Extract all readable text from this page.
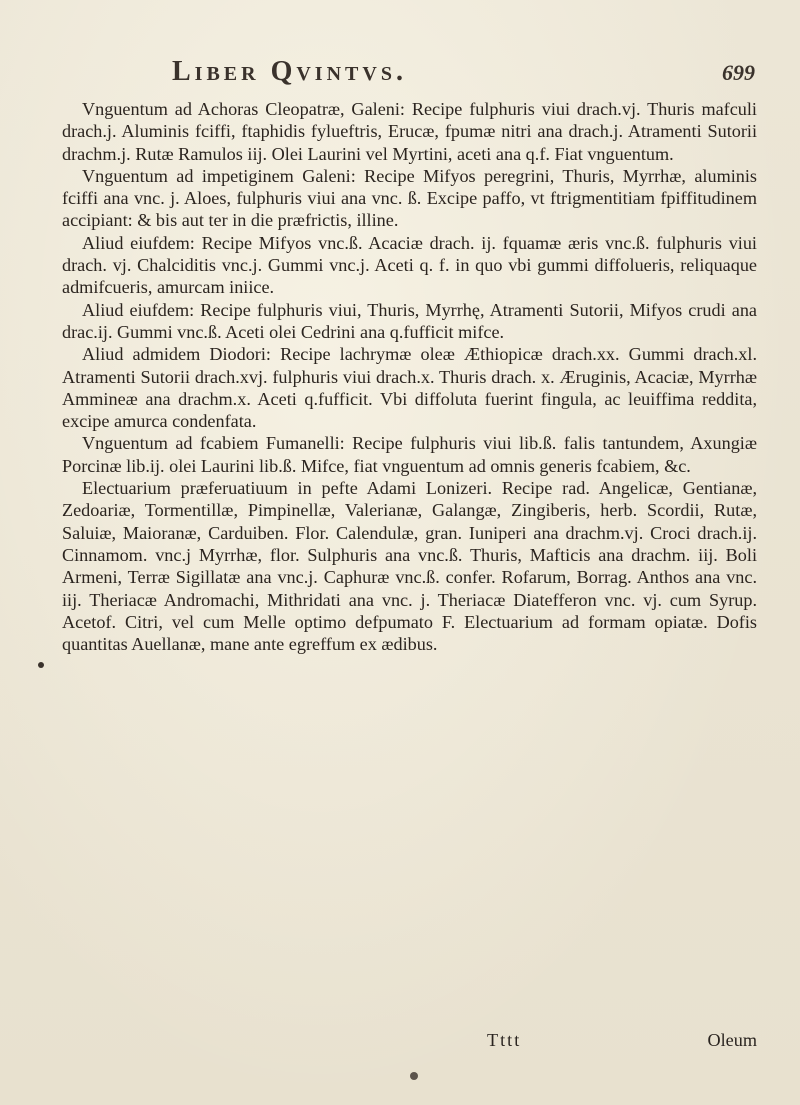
Liber Qvintvs.	699

Vnguentum ad Achoras Cleopatræ, Galeni: Recipe fulphuris viui drach.vj. Thuris mafculi drach.j. Aluminis fciffi, ftaphidis fylueftris, Erucæ, fpumæ nitri ana drach.j. Atramenti Sutorii drachm.j. Rutæ Ramulos iij. Olei Laurini vel Myrtini, aceti ana q.f. Fiat vnguentum.

Vnguentum ad impetiginem Galeni: Recipe Mifyos peregrini, Thuris, Myrrhæ, aluminis fciffi ana vnc. j. Aloes, fulphuris viui ana vnc. ß. Excipe paffo, vt ftrigmentitiam fpiffitudinem accipiant: & bis aut ter in die præfrictis, illine.

Aliud eiufdem: Recipe Mifyos vnc.ß. Acaciæ drach. ij. fquamæ æris vnc.ß. fulphuris viui drach. vj. Chalciditis vnc.j. Gummi vnc.j. Aceti q. f. in quo vbi gummi diffolueris, reliquaque admifcueris, amurcam iniice.

Aliud eiufdem: Recipe fulphuris viui, Thuris, Myrrhę, Atramenti Sutorii, Mifyos crudi ana drac.ij. Gummi vnc.ß. Aceti olei Cedrini ana q.fufficit mifce.

Aliud admidem Diodori: Recipe lachrymæ oleæ Æthiopicæ drach.xx. Gummi drach.xl. Atramenti Sutorii drach.xvj. fulphuris viui drach.x. Thuris drach. x. Æruginis, Acaciæ, Myrrhæ Ammineæ ana drachm.x. Aceti q.fufficit. Vbi diffoluta fuerint fingula, ac leuiffima reddita, excipe amurca condenfata.

Vnguentum ad fcabiem Fumanelli: Recipe fulphuris viui lib.ß. falis tantundem, Axungiæ Porcinæ lib.ij. olei Laurini lib.ß. Mifce, fiat vnguentum ad omnis generis fcabiem, &c.

Electuarium præferuatiuum in pefte Adami Lonizeri. Recipe rad. Angelicæ, Gentianæ, Zedoariæ, Tormentillæ, Pimpinellæ, Valerianæ, Galangæ, Zingiberis, herb. Scordii, Rutæ, Saluiæ, Maioranæ, Carduiben. Flor. Calendulæ, gran. Iuniperi ana drachm.vj. Croci drach.ij. Cinnamom. vnc.j Myrrhæ, flor. Sulphuris ana vnc.ß. Thuris, Mafticis ana drachm. iij. Boli Armeni, Terræ Sigillatæ ana vnc.j. Caphuræ vnc.ß. confer. Rofarum, Borrag. Anthos ana vnc. iij. Theriacæ Andromachi, Mithridati ana vnc. j. Theriacæ Diatefferon vnc. vj. cum Syrup. Acetof. Citri, vel cum Melle optimo defpumato F. Electuarium ad formam opiatæ. Dofis quantitas Auellanæ, mane ante egreffum ex ædibus.

Tttt	Oleum
